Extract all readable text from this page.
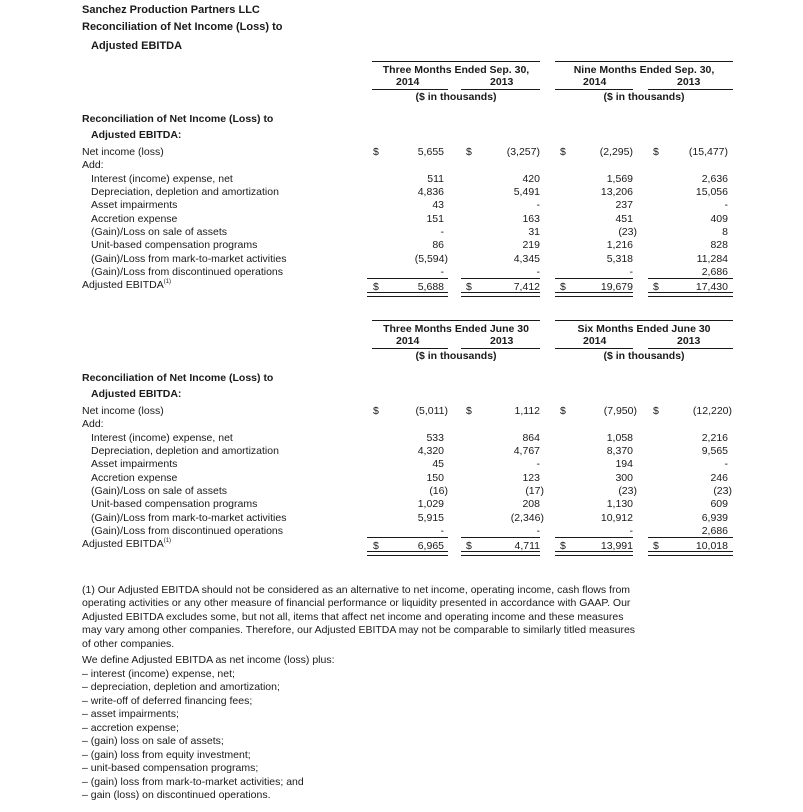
Sanchez Production Partners LLC
Reconciliation of Net Income (Loss) to
Adjusted EBITDA
Three Months Ended Sep. 30,	Nine Months Ended Sep. 30,
2014	2013	2014	2013
($ in thousands)	($ in thousands)
Reconciliation of Net Income (Loss) to
Adjusted EBITDA:
Net income (loss)	$	5,655 $	(3,257) $	(2,295) $	(15,477)
Add:
Interest (income) expense, net	511	420	1,569	2,636
Depreciation, depletion and amortization	4,836	5,491	13,206	15,056
Asset impairments	43	-	237	-
Accretion expense	151	163	451	409
(Gain)/Loss on sale of assets	-	31	(23)	8
Unit-based compensation programs	86	219	1,216	828
(Gain)/Loss from mark-to-market activities	(5,594)	4,345	5,318	11,284
(Gain)/Loss from discontinued operations	-	-	-	2,686
Adjusted EBITDA$^{(1)}$	$	5,688 $	7,412 $	19,679 $	17,430
Three Months Ended June 30	Six Months Ended June 30
2014	2013	2014	2013
($ in thousands)	($ in thousands)
Reconciliation of Net Income (Loss) to
Adjusted EBITDA:
Net income (loss)	$	(5,011) $	1,112 $	(7,950) $	(12,220)
Add:
Interest (income) expense, net	533	864	1,058	2,216
Depreciation, depletion and amortization	4,320	4,767	8,370	9,565
Asset impairments	45	-	194	-
Accretion expense	150	123	300	246
(Gain)/Loss on sale of assets	(16)	(17)	(23)	(23)
Unit-based compensation programs	1,029	208	1,130	609
(Gain)/Loss from mark-to-market activities	5,915	(2,346)	10,912	6,939
(Gain)/Loss from discontinued operations	-	-	-	2,686
Adjusted EBITDA$^{(1)}$	$	6,965 $	4,711 $	13,991 $	10,018
(1) Our Adjusted EBITDA should not be considered as an alternative to net income, operating income, cash flows from operating activities or any other measure of financial performance or liquidity presented in accordance with GAAP. Our Adjusted EBITDA excludes some, but not all, items that affect net income and operating income and these measures may vary among other companies. Therefore, our Adjusted EBITDA may not be comparable to similarly titled measures of other companies.
We define Adjusted EBITDA as net income (loss) plus:
– interest (income) expense, net;
– depreciation, depletion and amortization;
– write-off of deferred financing fees;
– asset impairments;
– accretion expense;
– (gain) loss on sale of assets;
– (gain) loss from equity investment;
– unit-based compensation programs;
– (gain) loss from mark-to-market activities; and
– gain (loss) on discontinued operations.
